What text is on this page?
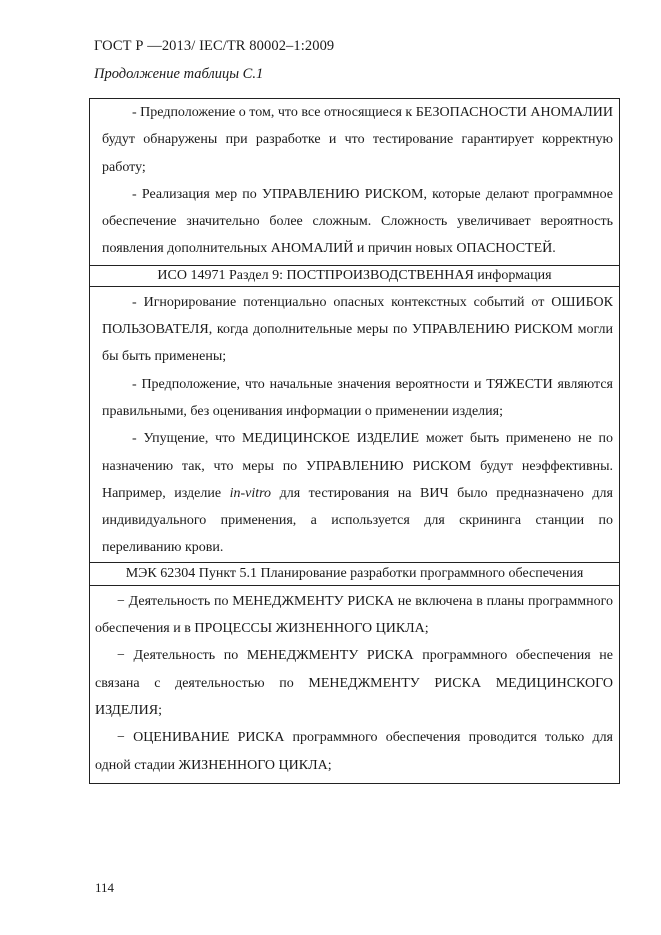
ГОСТ Р —2013/ IEC/TR 80002–1:2009
Продолжение таблицы С.1

- Предположение о том, что все относящиеся к БЕЗОПАСНОСТИ АНОМАЛИИ будут обнаружены при разработке и что тестирование гарантирует корректную работу;

- Реализация мер по УПРАВЛЕНИЮ РИСКОМ, которые делают программное обеспечение значительно более сложным. Сложность увеличивает вероятность появления дополнительных АНОМАЛИЙ и причин новых ОПАСНОСТЕЙ.

ИСО 14971 Раздел 9: ПОСТПРОИЗВОДСТВЕННАЯ информация

- Игнорирование потенциально опасных контекстных событий от ОШИБОК ПОЛЬЗОВАТЕЛЯ, когда дополнительные меры по УПРАВЛЕНИЮ РИСКОМ могли бы быть применены;

- Предположение, что начальные значения вероятности и ТЯЖЕСТИ являются правильными, без оценивания информации о применении изделия;

- Упущение, что МЕДИЦИНСКОЕ ИЗДЕЛИЕ может быть применено не по назначению так, что меры по УПРАВЛЕНИЮ РИСКОМ будут неэффективны. Например, изделие in-vitro для тестирования на ВИЧ было предназначено для индивидуального применения, а используется для скрининга станции по переливанию крови.

МЭК 62304 Пункт 5.1 Планирование разработки программного обеспечения

− Деятельность по МЕНЕДЖМЕНТУ РИСКА не включена в планы программного обеспечения и в ПРОЦЕССЫ ЖИЗНЕННОГО ЦИКЛА;

− Деятельность по МЕНЕДЖМЕНТУ РИСКА программного обеспечения не связана с деятельностью по МЕНЕДЖМЕНТУ РИСКА МЕДИЦИНСКОГО ИЗДЕЛИЯ;

− ОЦЕНИВАНИЕ РИСКА программного обеспечения проводится только для одной стадии ЖИЗНЕННОГО ЦИКЛА;

114
